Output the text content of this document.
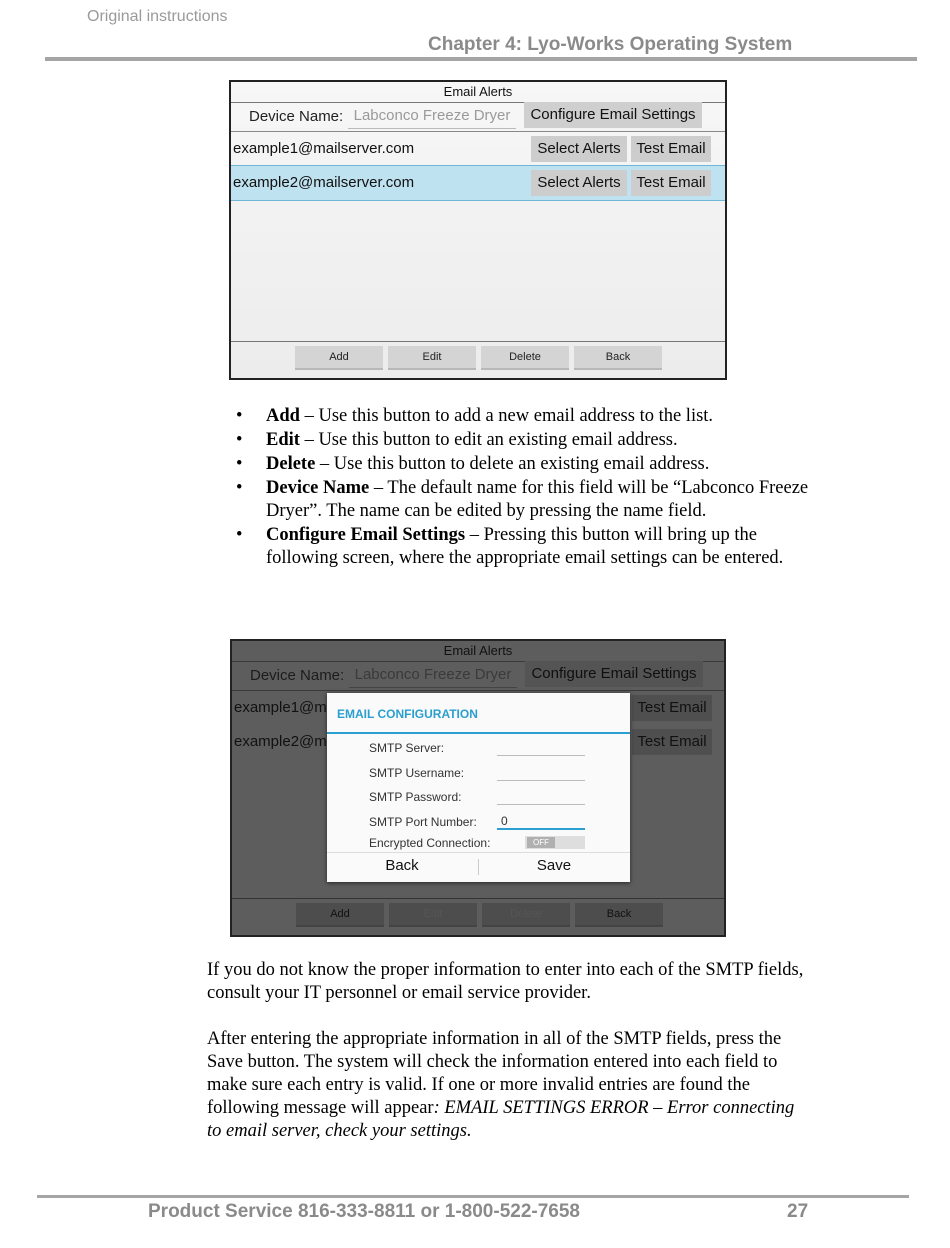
Original instructions
Chapter 4: Lyo-Works Operating System
Email Alerts
Device Name: Labconco Freeze Dryer	Configure Email Settings
example1@mailserver.com	Select Alerts	Test Email
example2@mailserver.com	Select Alerts	Test Email
Add	Edit	Delete	Back
• Add – Use this button to add a new email address to the list.
• Edit – Use this button to edit an existing email address.
• Delete – Use this button to delete an existing email address.
• Device Name – The default name for this field will be “Labconco Freeze Dryer”. The name can be edited by pressing the name field.
• Configure Email Settings – Pressing this button will bring up the following screen, where the appropriate email settings can be entered.
Email Alerts
Device Name: Labconco Freeze Dryer	Configure Email Settings
example1@m	Test Email
example2@m	Test Email
Add	Edit	Delete	Back
EMAIL CONFIGURATION
SMTP Server:
SMTP Username:
SMTP Password:
SMTP Port Number:	0
Encrypted Connection:	OFF
Back	Save
If you do not know the proper information to enter into each of the SMTP fields, consult your IT personnel or email service provider.
After entering the appropriate information in all of the SMTP fields, press the Save button. The system will check the information entered into each field to make sure each entry is valid. If one or more invalid entries are found the following message will appear: EMAIL SETTINGS ERROR – Error connecting to email server, check your settings.
Product Service 816-333-8811 or 1-800-522-7658	27
